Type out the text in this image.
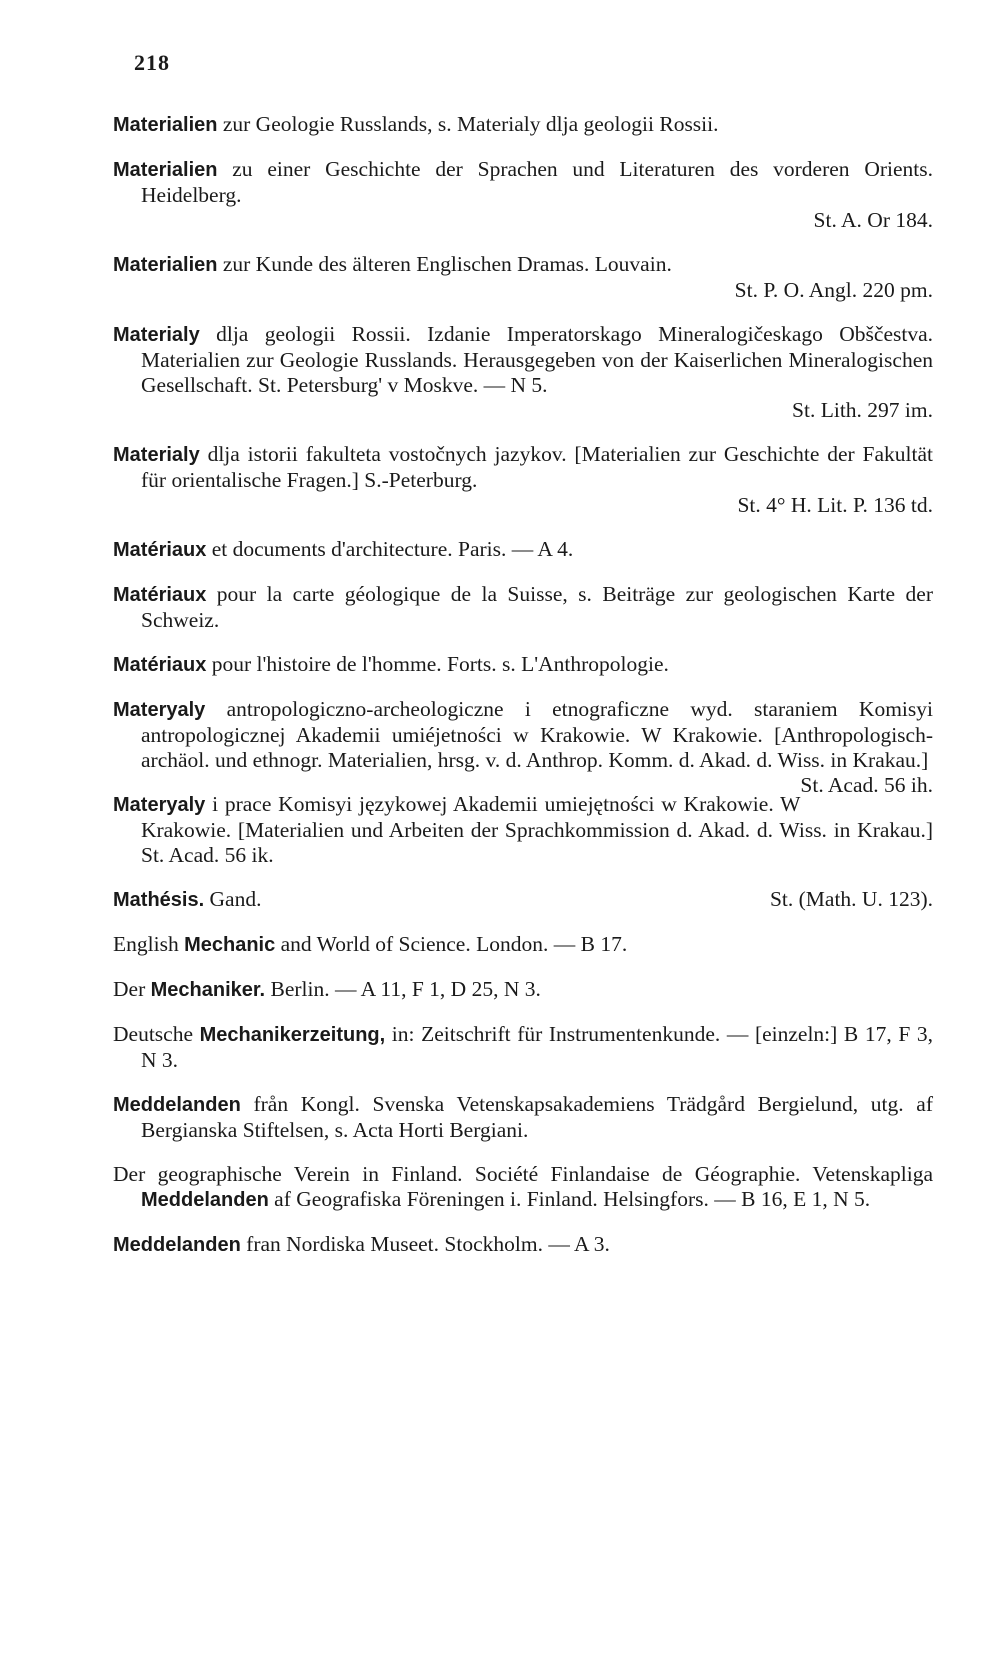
218
Materialien zur Geologie Russlands, s. Materialy dlja geologii Rossii.
Materialien zu einer Geschichte der Sprachen und Literaturen des vorderen Orients. Heidelberg.
St. A. Or 184.
Materialien zur Kunde des älteren Englischen Dramas. Louvain.
St. P. O. Angl. 220 pm.
Materialy dlja geologii Rossii. Izdanie Imperatorskago Mineralogičeskago Obščestva. Materialien zur Geologie Russlands. Herausgegeben von der Kaiserlichen Mineralogischen Gesellschaft. St. Petersburg' v Moskve. — N 5.
St. Lith. 297 im.
Materialy dlja istorii fakulteta vostočnych jazykov. [Materialien zur Geschichte der Fakultät für orientalische Fragen.] S.-Peterburg.
St. 4° H. Lit. P. 136 td.
Matériaux et documents d'architecture. Paris. — A 4.
Matériaux pour la carte géologique de la Suisse, s. Beiträge zur geologischen Karte der Schweiz.
Matériaux pour l'histoire de l'homme. Forts. s. L'Anthropologie.
Materyaly antropologiczno-archeologiczne i etnograficzne wyd. staraniem Komisyi antropologicznej Akademii umiéjetności w Krakowie. W Krakowie. [Anthropologisch-archäol. und ethnogr. Materialien, hrsg. v. d. Anthrop. Komm. d. Akad. d. Wiss. in Krakau.]
St. Acad. 56 ih.
Materyaly i prace Komisyi językowej Akademii umiejętności w Krakowie. W Krakowie. [Materialien und Arbeiten der Sprachkommission d. Akad. d. Wiss. in Krakau.] St. Acad. 56 ik.
Mathésis. Gand.	St. (Math. U. 123).
English Mechanic and World of Science. London. — B 17.
Der Mechaniker. Berlin. — A 11, F 1, D 25, N 3.
Deutsche Mechanikerzeitung, in: Zeitschrift für Instrumentenkunde. — [einzeln:] B 17, F 3, N 3.
Meddelanden från Kongl. Svenska Vetenskapsakademiens Trädgård Bergielund, utg. af Bergianska Stiftelsen, s. Acta Horti Bergiani.
Der geographische Verein in Finland. Société Finlandaise de Géographie. Vetenskapliga Meddelanden af Geografiska Föreningen i. Finland. Helsingfors. — B 16, E 1, N 5.
Meddelanden fran Nordiska Museet. Stockholm. — A 3.
